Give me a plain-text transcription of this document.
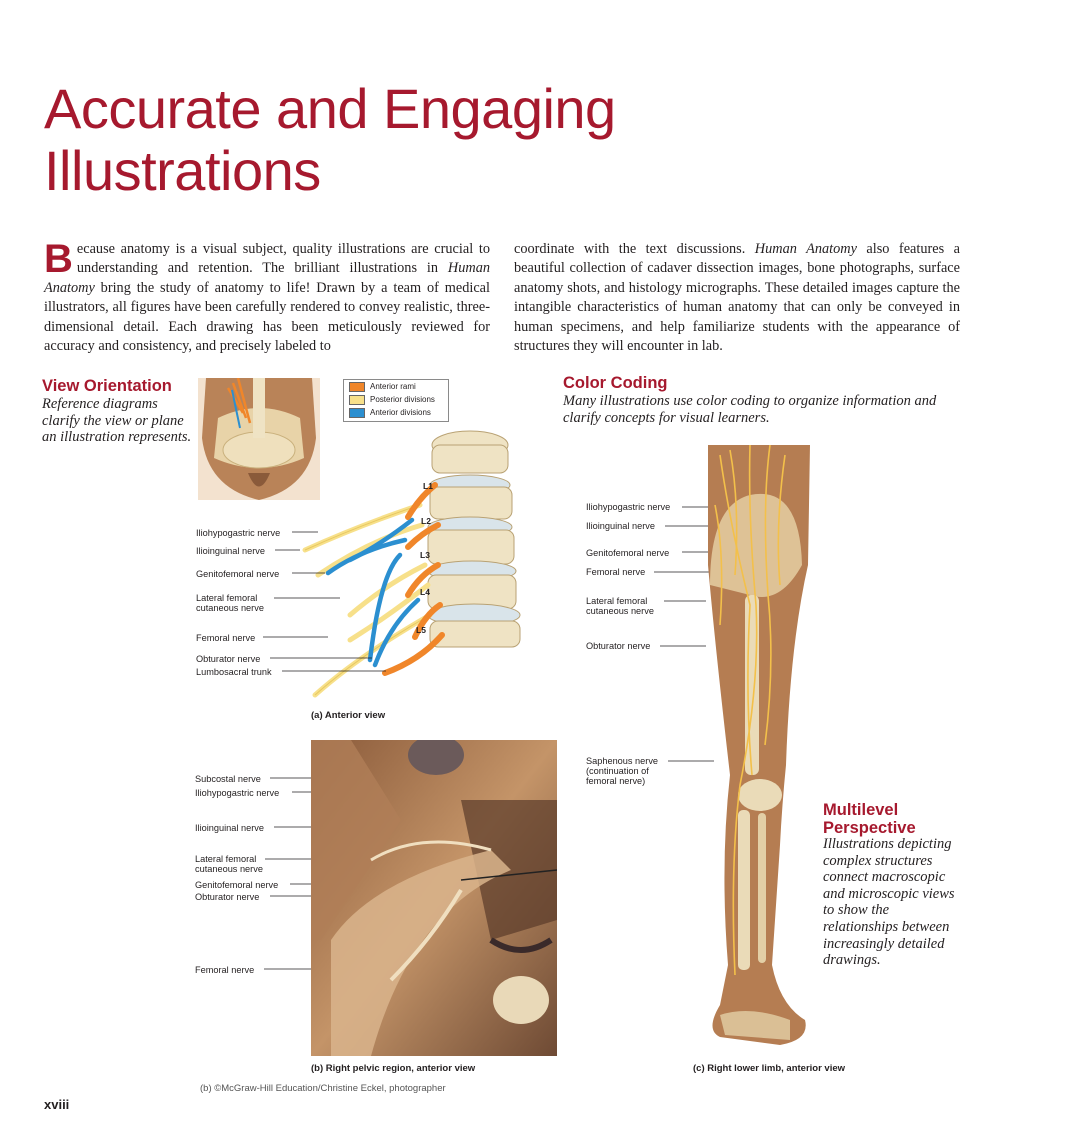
Accurate and Engaging
Illustrations

Because anatomy is a visual subject, quality illustrations are crucial to understanding and retention. The brilliant illustrations in Human Anatomy bring the study of anatomy to life! Drawn by a team of medical illustrators, all figures have been carefully rendered to convey realistic, three-dimensional detail. Each drawing has been meticulously reviewed for accuracy and consistency, and precisely labeled to

coordinate with the text discussions. Human Anatomy also features a beautiful collection of cadaver dissection images, bone photographs, surface anatomy shots, and histology micrographs. These detailed images capture the intangible characteristics of human anatomy that can only be conveyed in human specimens, and help familiarize students with the appearance of structures they will encounter in lab.

View Orientation
Reference diagrams clarify the view or plane an illustration represents.
Color Coding
Many illustrations use color coding to organize information and clarify concepts for visual learners.
Multilevel
Perspective
Illustrations depicting complex structures connect macroscopic and microscopic views to show the relationships between increasingly detailed drawings.
Anterior rami
Posterior divisions
Anterior divisions
L1
L2
L3
L4
L5
Iliohypogastric nerve
Ilioinguinal nerve
Genitofemoral nerve
Lateral femoral
cutaneous nerve
Femoral nerve
Obturator nerve
Lumbosacral trunk
(a) Anterior view
Subcostal nerve
Iliohypogastric nerve
Ilioinguinal nerve
Lateral femoral
cutaneous nerve
Genitofemoral nerve
Obturator nerve
Femoral nerve
(b) Right pelvic region, anterior view
(b) ©McGraw-Hill Education/Christine Eckel, photographer
Iliohypogastric nerve
Ilioinguinal nerve
Genitofemoral nerve
Femoral nerve
Lateral femoral
cutaneous nerve
Obturator nerve
Saphenous nerve
(continuation of
femoral nerve)
(c) Right lower limb, anterior view
xviii
